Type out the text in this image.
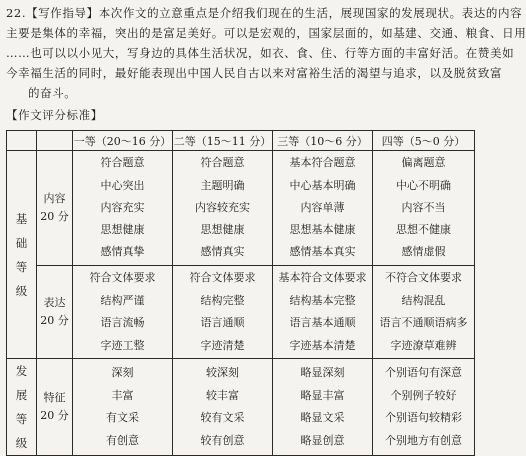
22.【写作指导】本次作文的立意重点是介绍我们现在的生活，展现国家的发展现状。表达的内容
主要是集体的幸福，突出的是富足美好。可以是宏观的，国家层面的，如基建、交通、粮食、日用
……也可以以小见大，写身边的具体生活状况，如衣、食、住、行等方面的丰富好活。在赞美如
今幸福生活的同时，最好能表现出中国人民自古以来对富裕生活的渴望与追求，以及脱贫致富
的奋斗。
【作文评分标准】
		一等（20～16 分）	二等（15～11 分）	三等（10～6 分）	四等（5～0 分）

基
础
等
级	内容
20 分	符合题意
中心突出
内容充实
思想健康
感情真挚	符合题意
主题明确
内容较充实
思想健康
感情真实	基本符合题意
中心基本明确
内容单薄
思想基本健康
感情基本真实	偏离题意
中心不明确
内容不当
思想不健康
感情虚假

	表达
20 分	符合文体要求
结构严谨
语言流畅
字迹工整	符合文体要求
结构完整
语言通顺
字迹清楚	基本符合文体要求
结构基本完整
语言基本通顺
字迹基本清楚	不符合文体要求
结构混乱
语言不通顺语病多
字迹潦草难辨

发
展
等
级	特征
20 分	深刻
丰富
有文采
有创意	较深刻
较丰富
较有文采
较有创意	略显深刻
略显丰富
略显文采
略显创意	个别语句有深意
个别例子较好
个别语句较精彩
个别地方有创意
